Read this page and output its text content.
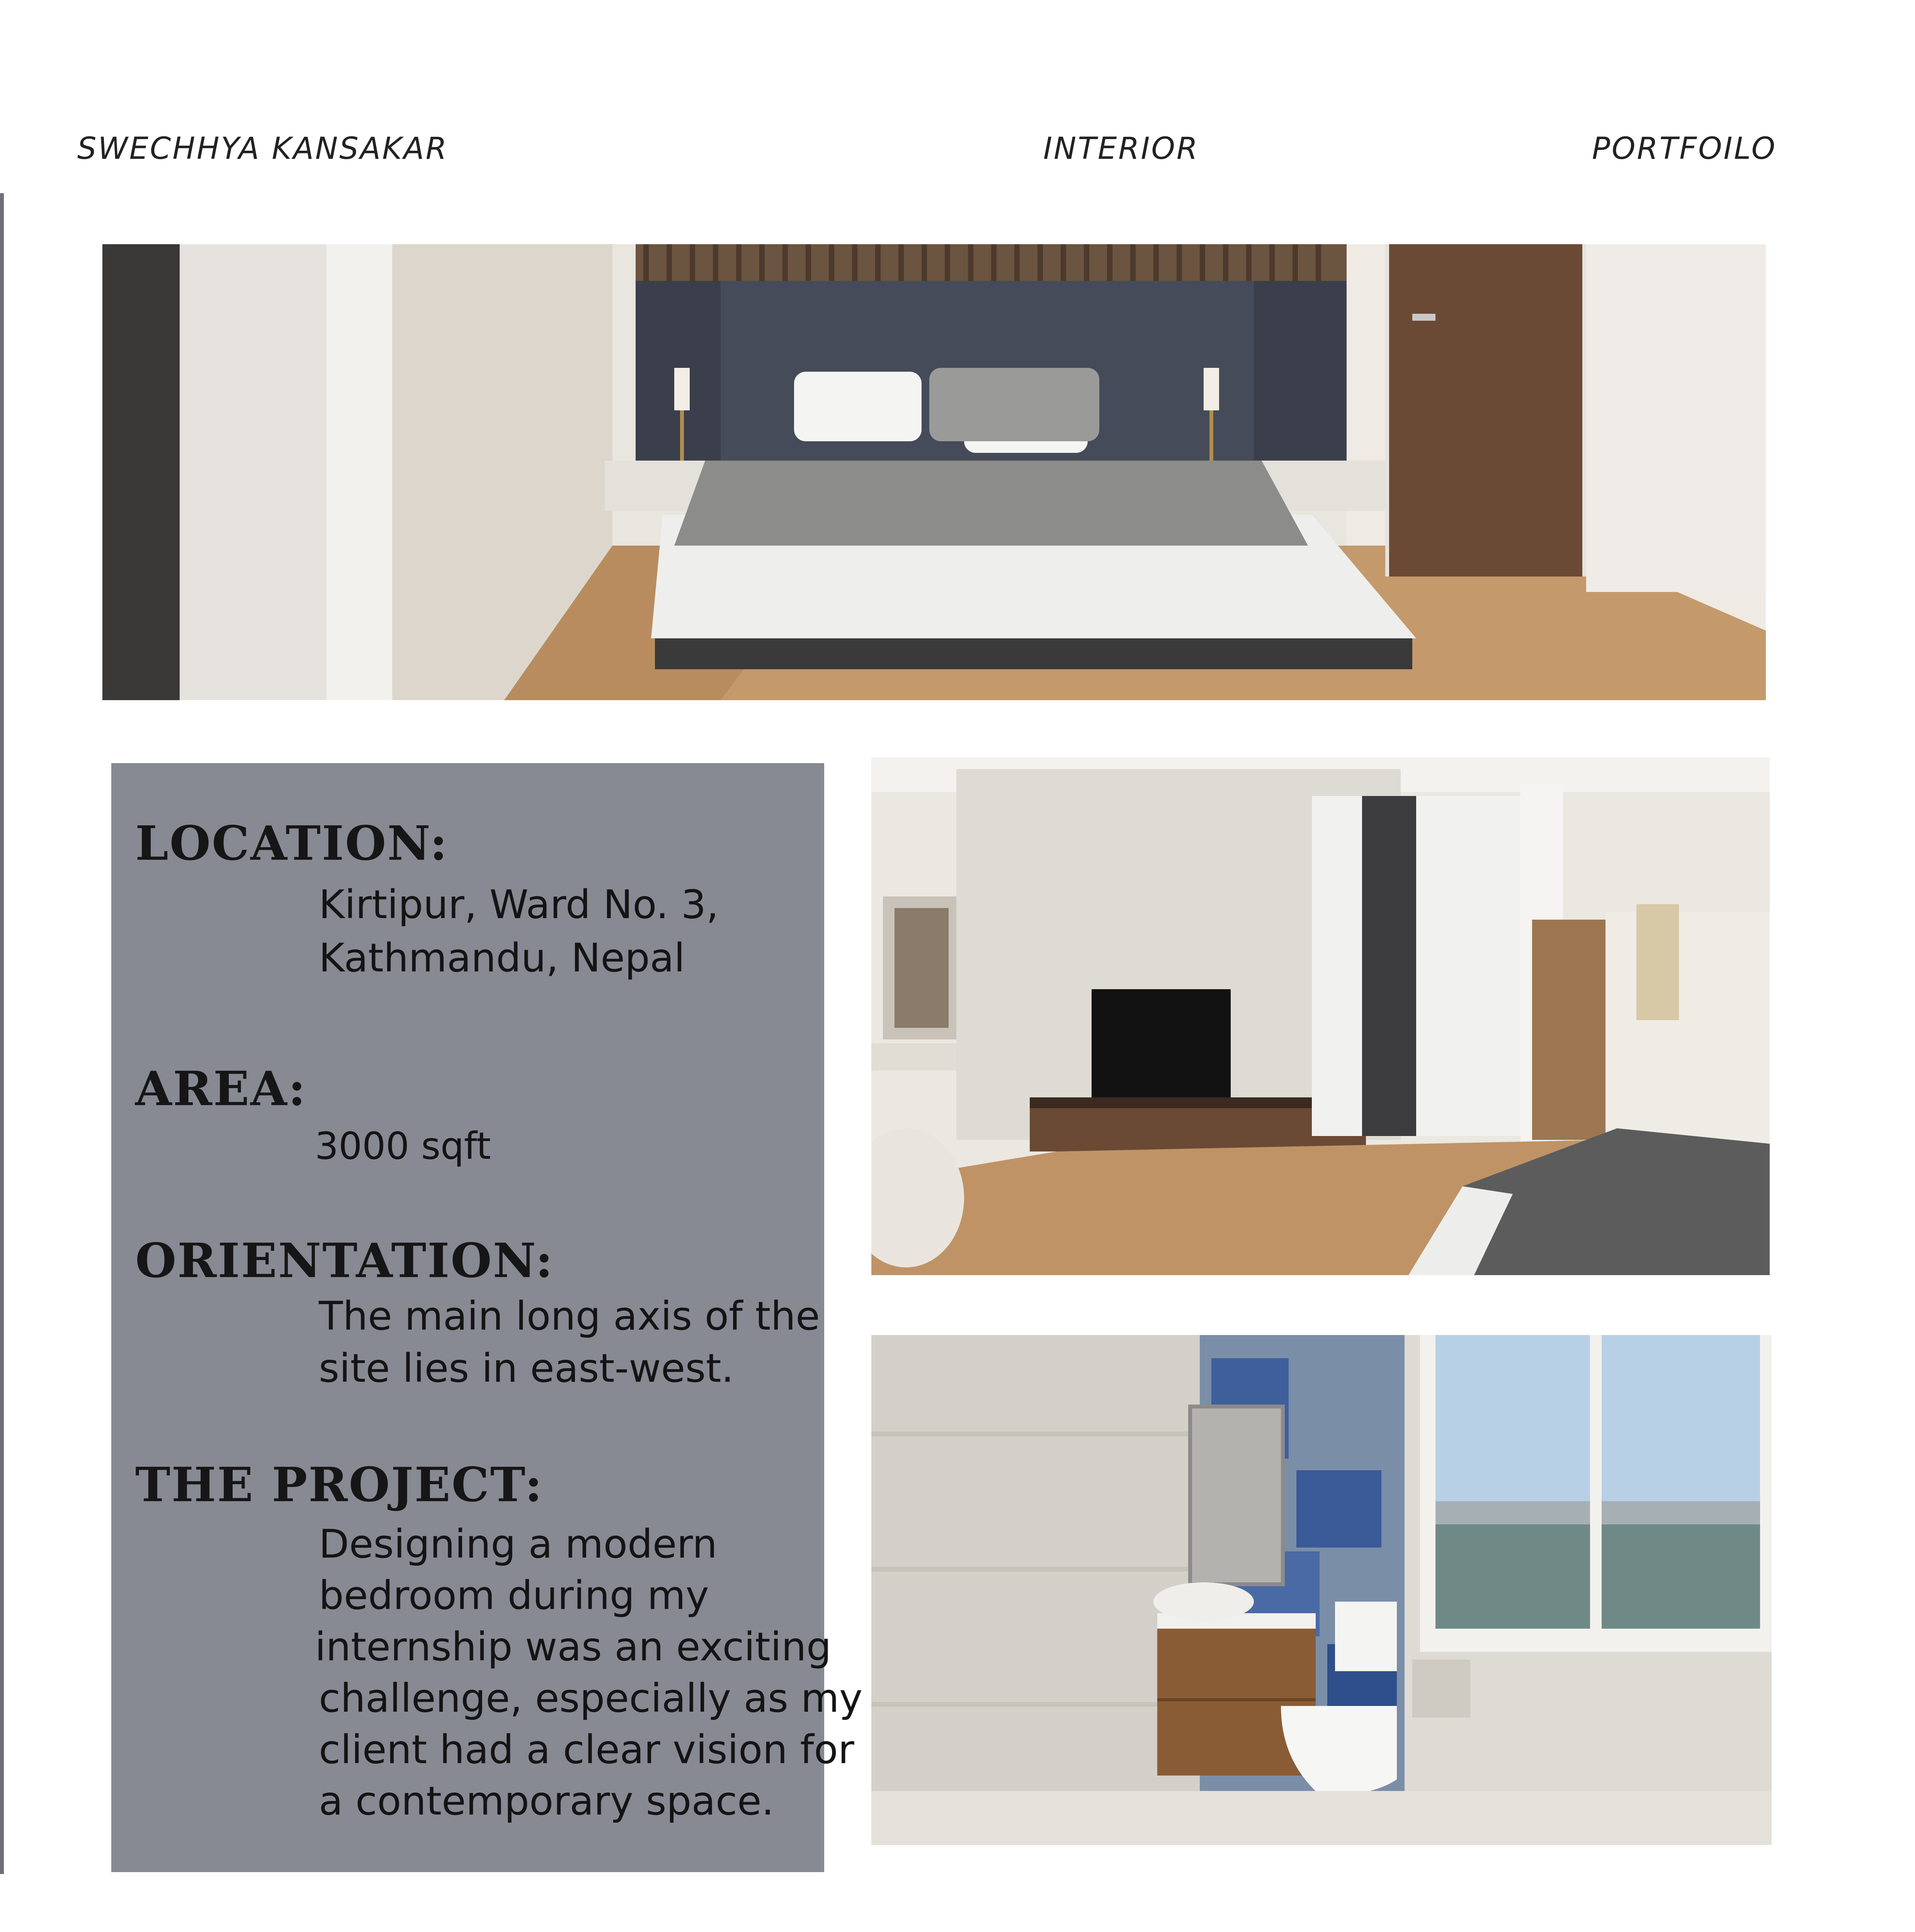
SWECHHYA KANSAKAR	INTERIOR	PORTFOILO
LOCATION:
Kirtipur, Ward No. 3,
Kathmandu, Nepal
AREA:
3000 sqft
ORIENTATION:
The main long axis of the
site lies in east-west.
THE PROJECT:
Designing a modern
bedroom during my
internship was an exciting
challenge, especially as my
client had a clear vision for
a contemporary space.
